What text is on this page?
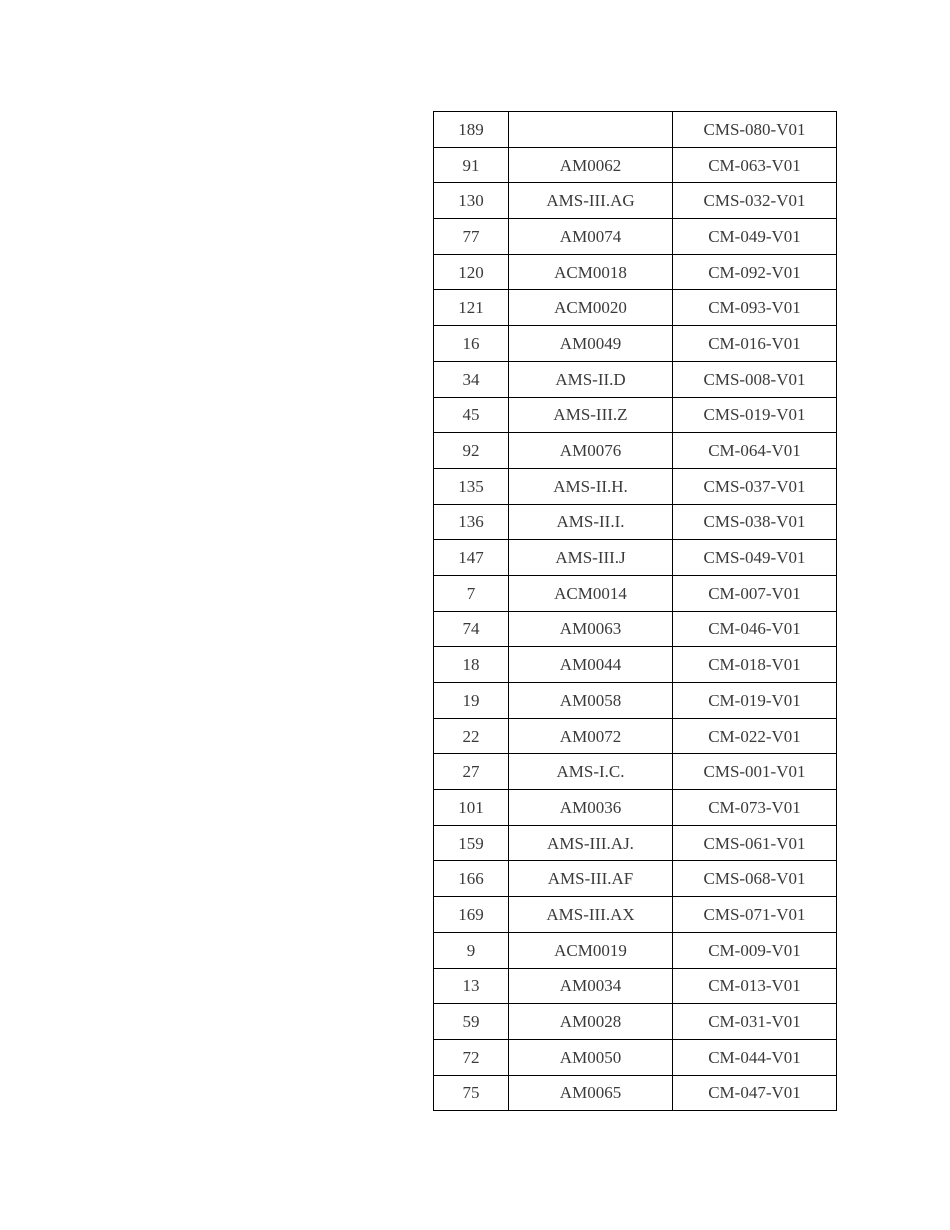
189		CMS-080-V01
91	AM0062	CM-063-V01
130	AMS-III.AG	CMS-032-V01
77	AM0074	CM-049-V01
120	ACM0018	CM-092-V01
121	ACM0020	CM-093-V01
16	AM0049	CM-016-V01
34	AMS-II.D	CMS-008-V01
45	AMS-III.Z	CMS-019-V01
92	AM0076	CM-064-V01
135	AMS-II.H.	CMS-037-V01
136	AMS-II.I.	CMS-038-V01
147	AMS-III.J	CMS-049-V01
7	ACM0014	CM-007-V01
74	AM0063	CM-046-V01
18	AM0044	CM-018-V01
19	AM0058	CM-019-V01
22	AM0072	CM-022-V01
27	AMS-I.C.	CMS-001-V01
101	AM0036	CM-073-V01
159	AMS-III.AJ.	CMS-061-V01
166	AMS-III.AF	CMS-068-V01
169	AMS-III.AX	CMS-071-V01
9	ACM0019	CM-009-V01
13	AM0034	CM-013-V01
59	AM0028	CM-031-V01
72	AM0050	CM-044-V01
75	AM0065	CM-047-V01
